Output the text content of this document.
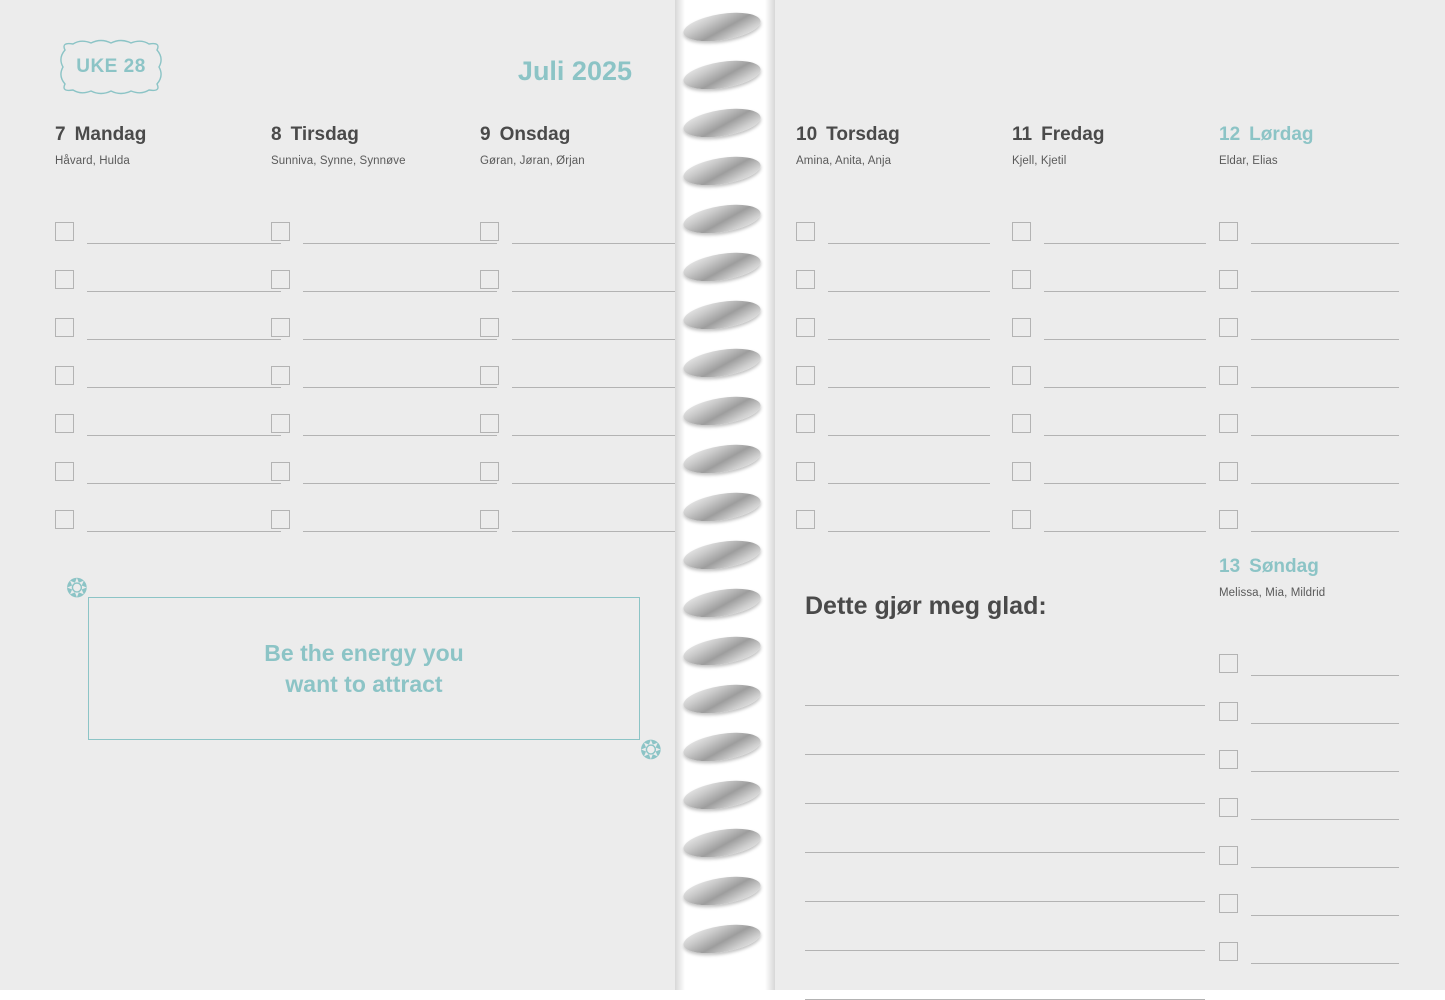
UKE 28	Juli 2025
7 Mandag
Håvard, Hulda
8 Tirsdag
Sunniva, Synne, Synnøve
9 Onsdag
Gøran, Jøran, Ørjan
❂
❂
Be the energy you
want to attract
10 Torsdag
Amina, Anita, Anja
11 Fredag
Kjell, Kjetil
12 Lørdag
Eldar, Elias
13 Søndag
Melissa, Mia, Mildrid
Dette gjør meg glad:
